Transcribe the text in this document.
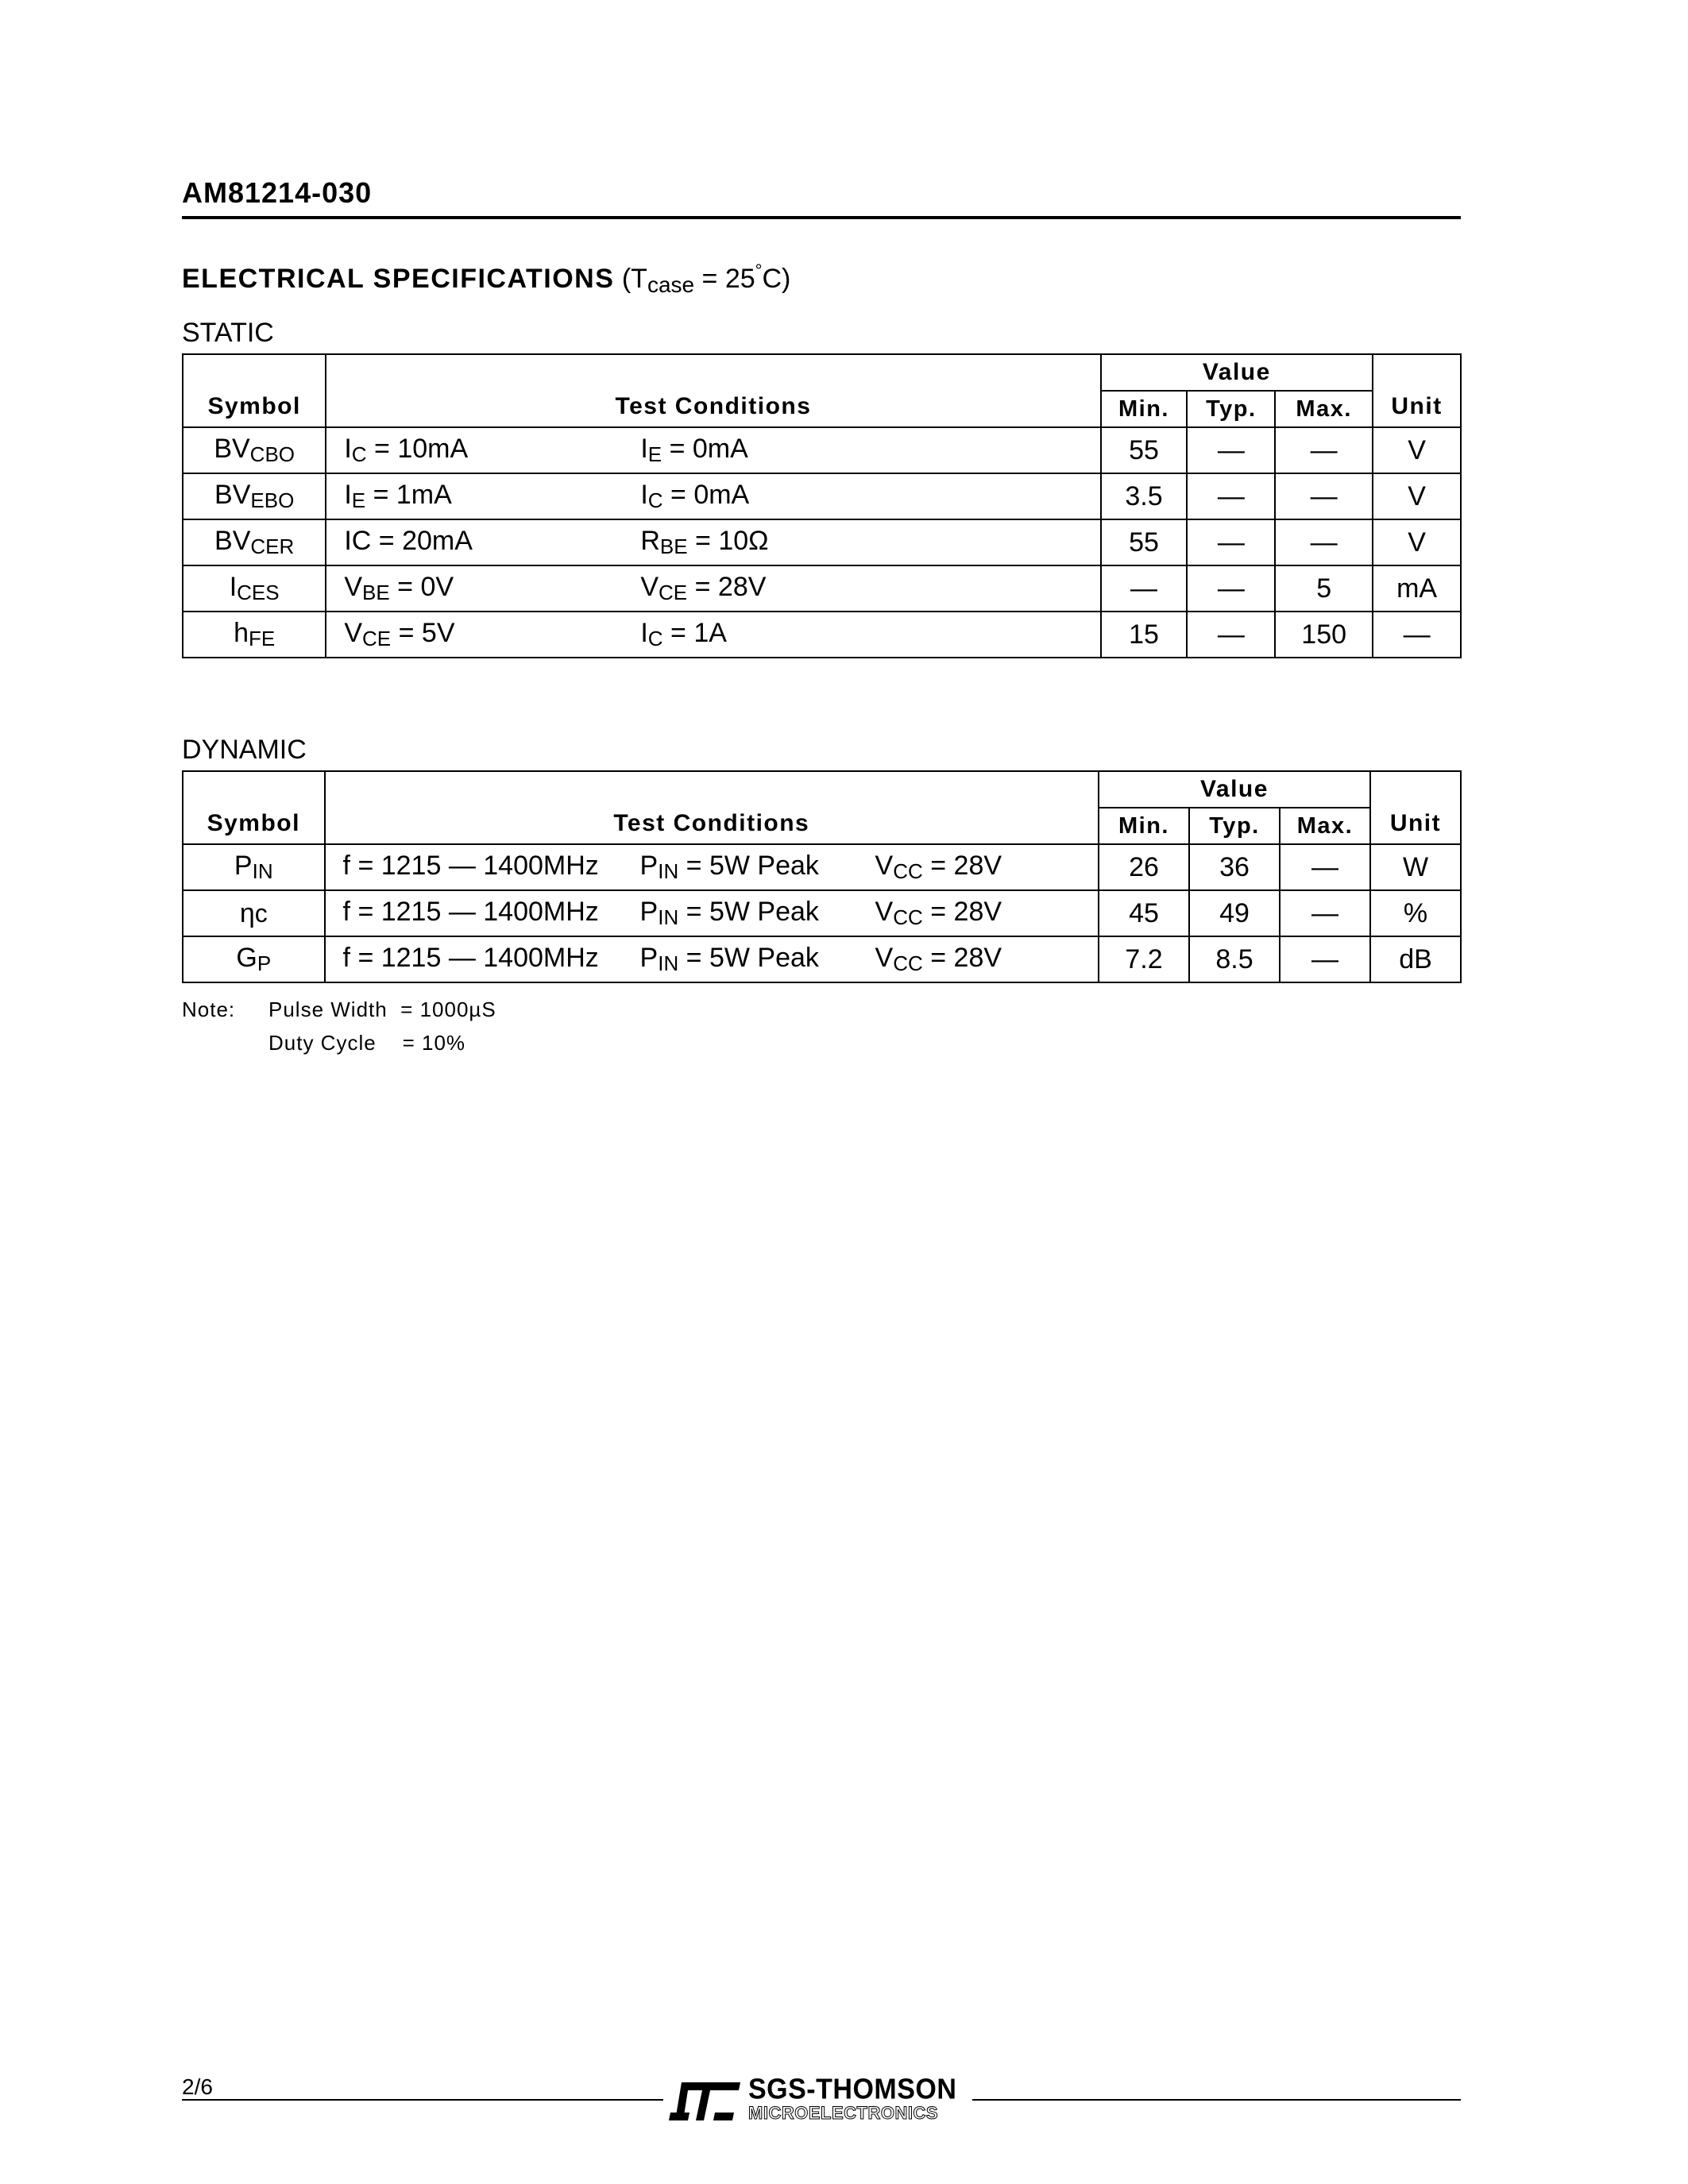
AM81214-030
ELECTRICAL SPECIFICATIONS $(T_{case} = 25^\circ C)$
STATIC
Symbol	Test Conditions	Value			Unit
		Min.	Typ.	Max.	
$BV_{CBO}$	$I_C = 10mA$ $I_E = 0mA$	55	—	—	V
$BV_{EBO}$	$I_E = 1mA$ $I_C = 0mA$	3.5	—	—	V
$BV_{CER}$	IC = 20mA $R_{BE} = 10\Omega$	55	—	—	V
$I_{CES}$	$V_{BE} = 0V$ $V_{CE} = 28V$	—	—	5	mA
$h_{FE}$	$V_{CE} = 5V$ $I_C = 1A$	15	—	150	—
DYNAMIC
Symbol	Test Conditions	Value			Unit
		Min.	Typ.	Max.	
$P_{IN}$	f = 1215 — 1400MHz $P_{IN} = 5W$ Peak $V_{CC} = 28V$	26	36	—	W
ηc	f = 1215 — 1400MHz $P_{IN} = 5W$ Peak $V_{CC} = 28V$	45	49	—	%
$G_P$	f = 1215 — 1400MHz $P_{IN} = 5W$ Peak $V_{CC} = 28V$	7.2	8.5	—	dB
Note: Pulse Width  = 1000µS
Duty Cycle    = 10%
2/6	SGS-THOMSON
MICROELECTRONICS
